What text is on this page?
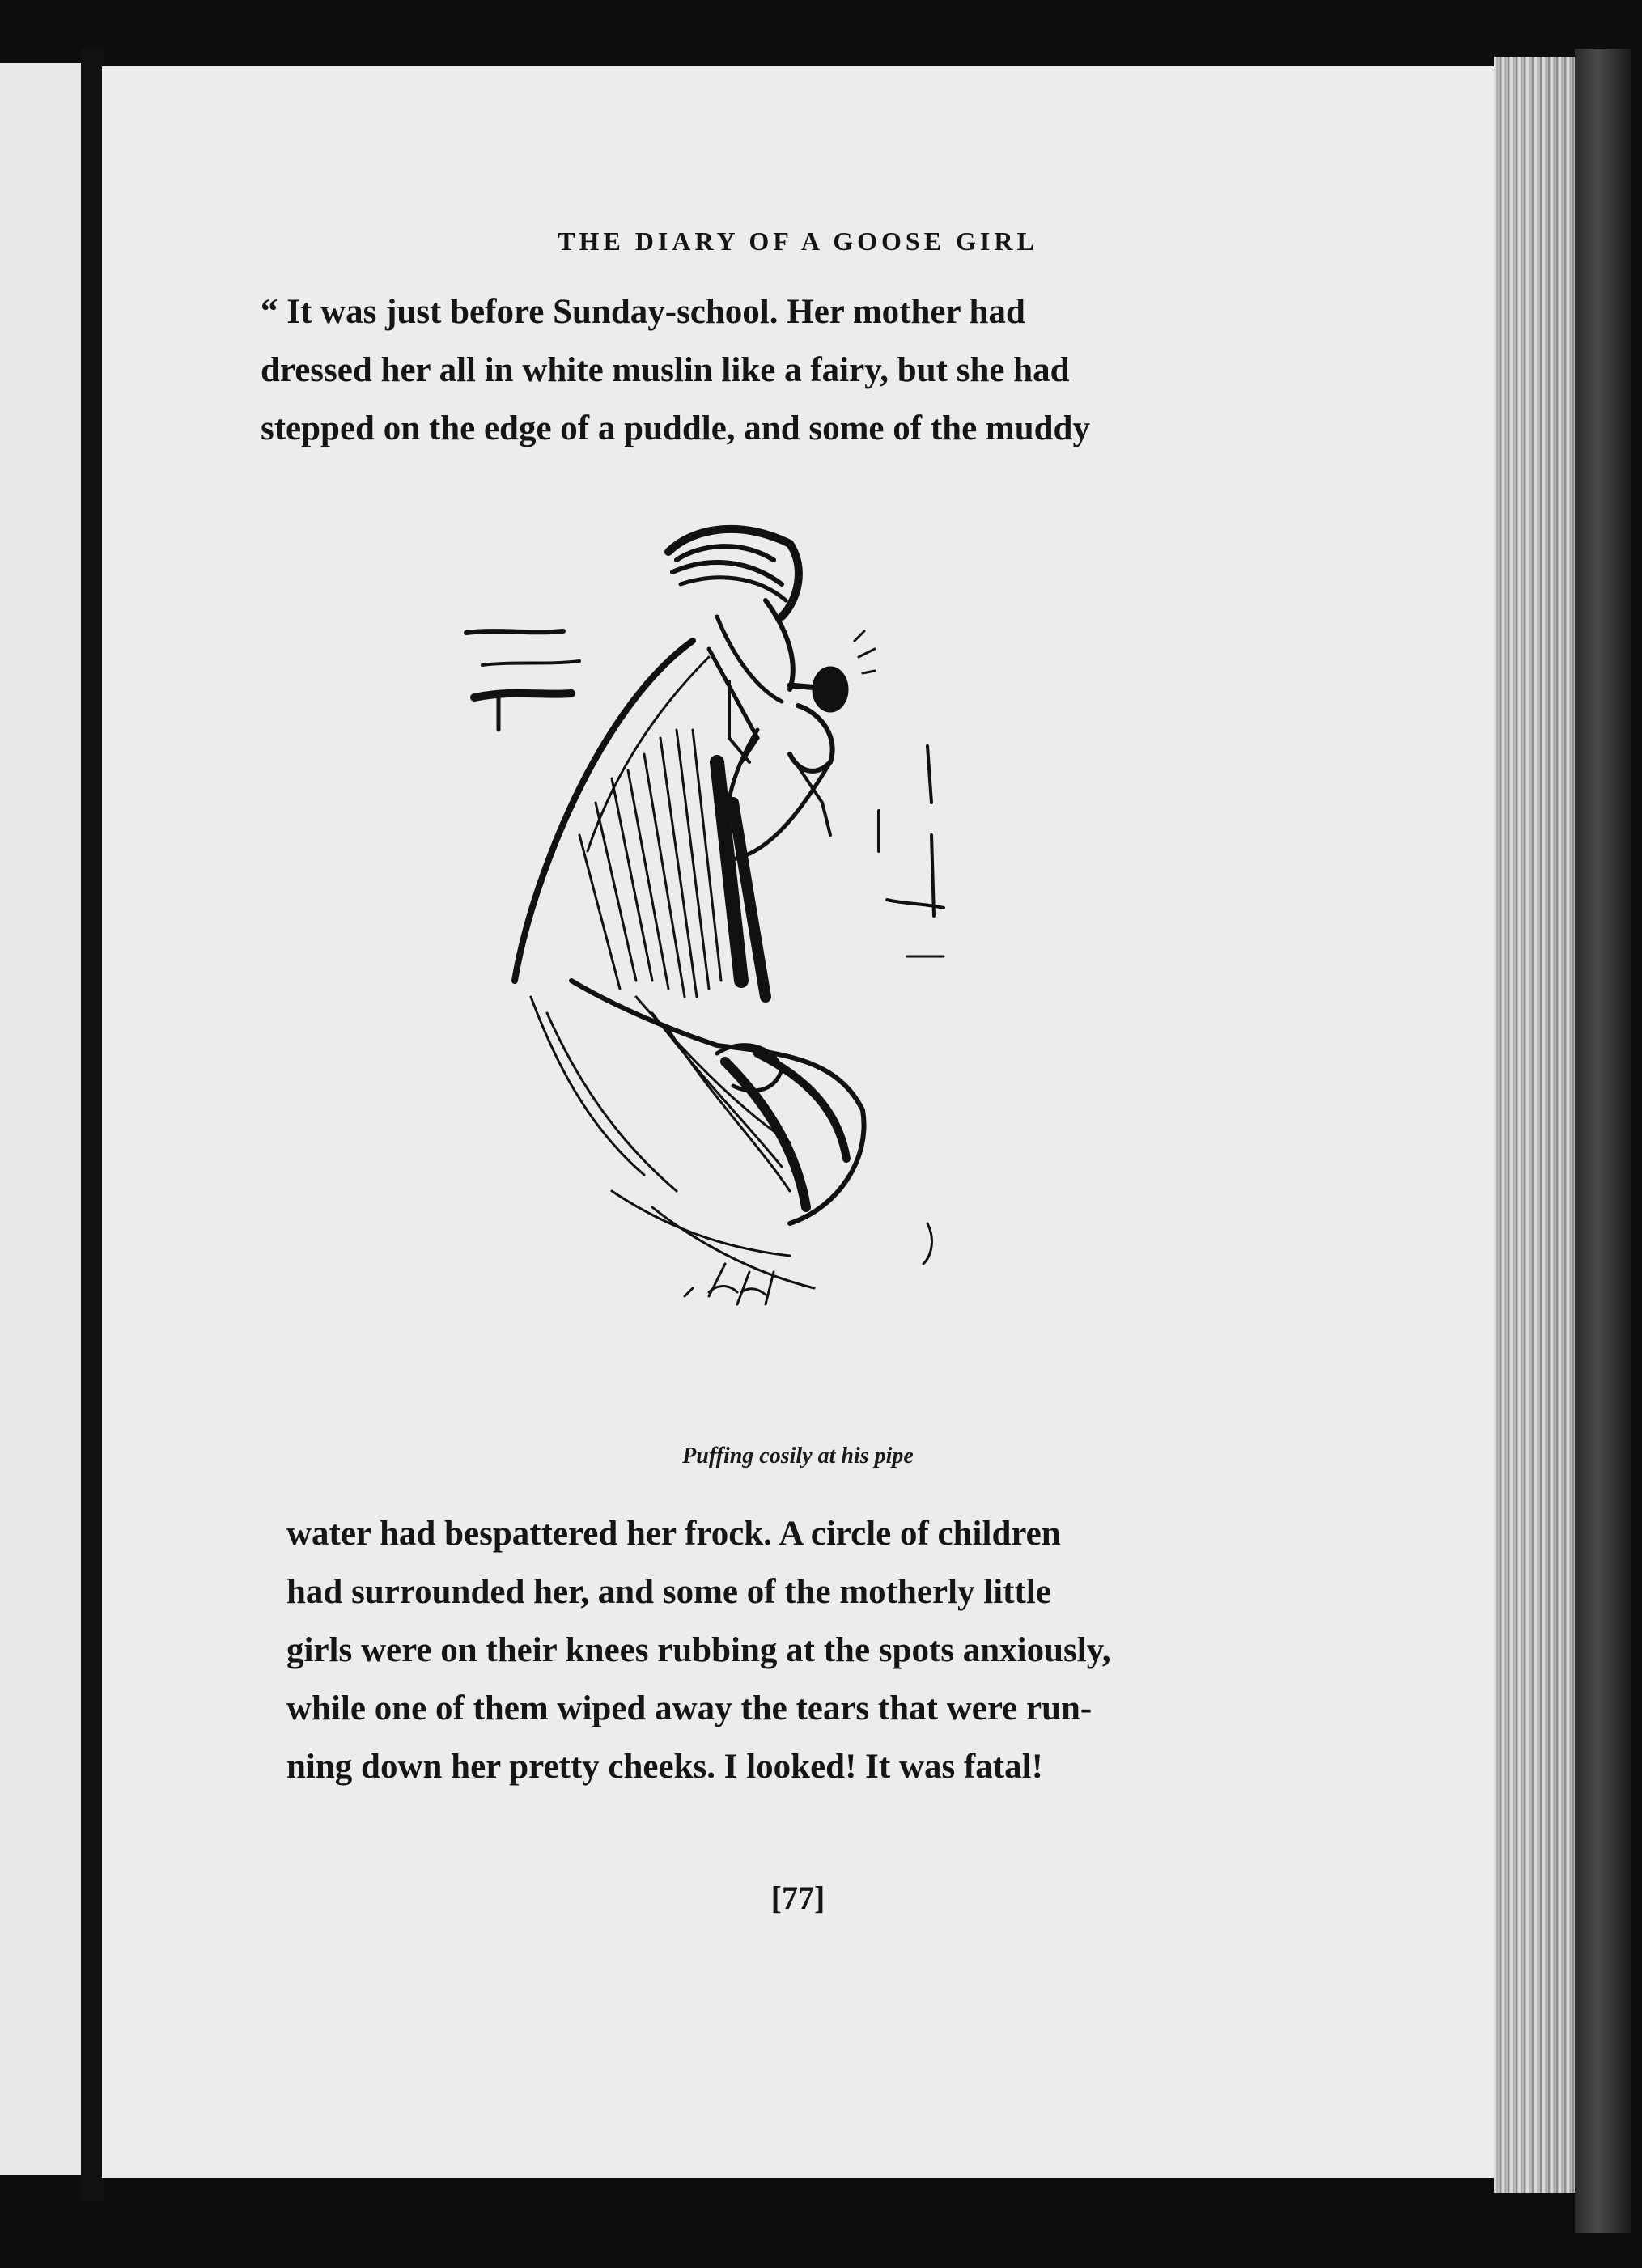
THE DIARY OF A GOOSE GIRL
“ It was just before Sunday-school. Her mother had
dressed her all in white muslin like a fairy, but she had
stepped on the edge of a puddle, and some of the muddy
Puffing cosily at his pipe
water had bespattered her frock. A circle of children
had surrounded her, and some of the motherly little
girls were on their knees rubbing at the spots anxiously,
while one of them wiped away the tears that were run-
ning down her pretty cheeks. I looked! It was fatal!
[77]
